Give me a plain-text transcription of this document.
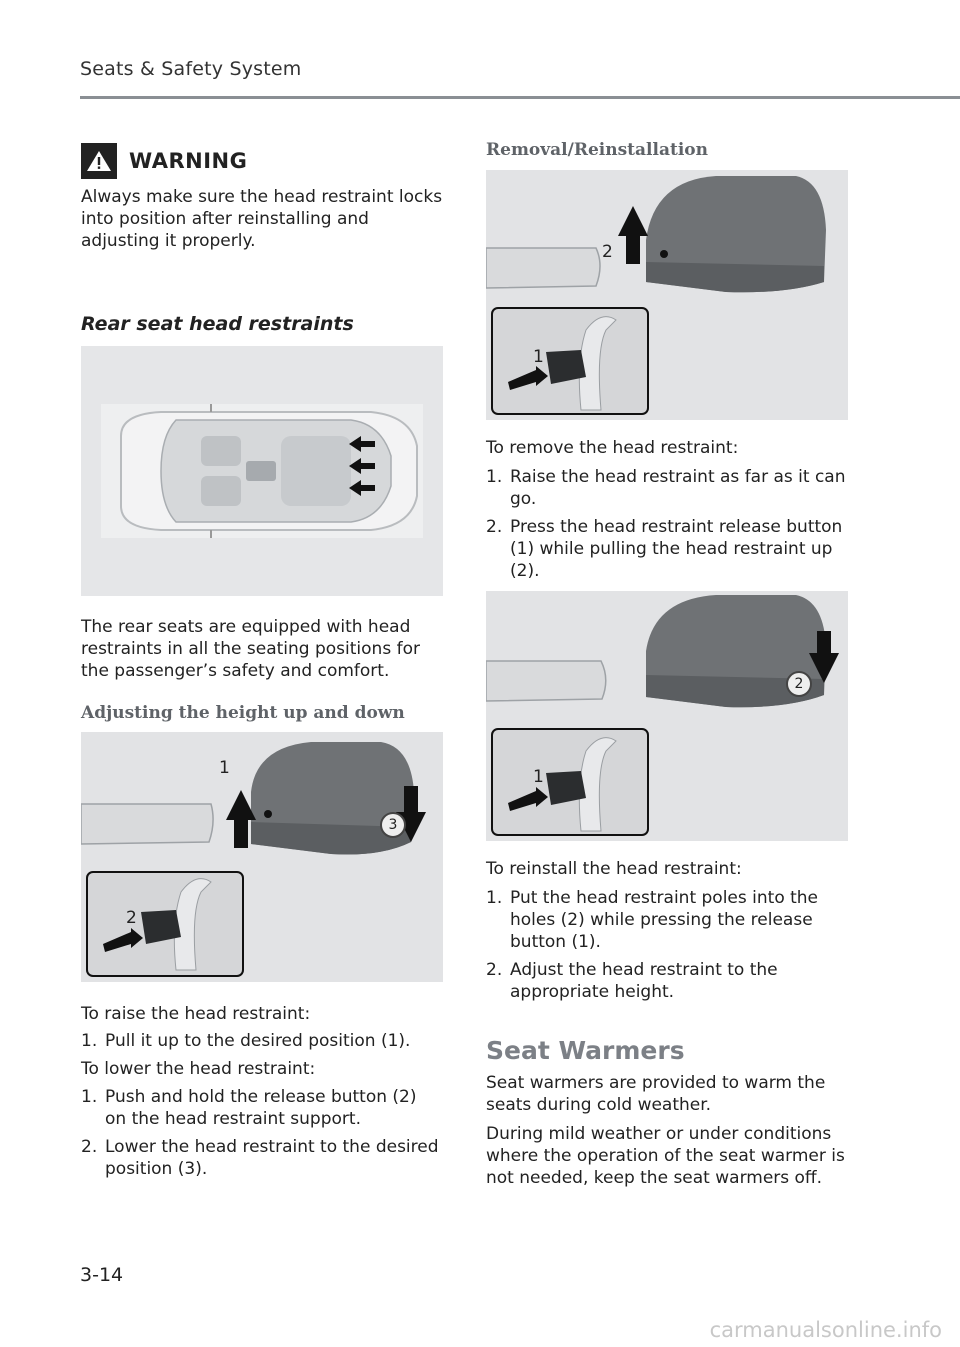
Seats & Safety System
WARNING

Always make sure the head restraint locks into position after reinstalling and adjusting it properly.

Rear seat head restraints

The rear seats are equipped with head restraints in all the seating positions for the passenger’s safety and comfort.

Adjusting the height up and down
1
2
3

To raise the head restraint:

1. Pull it up to the desired position (1).

To lower the head restraint:

1. Push and hold the release button (2) on the head restraint support.
2. Lower the head restraint to the desired position (3).
Removal/Reinstallation
2
1

To remove the head restraint:

1. Raise the head restraint as far as it can go.
2. Press the head restraint release button (1) while pulling the head restraint up (2).
2
1

To reinstall the head restraint:

1. Put the head restraint poles into the holes (2) while pressing the release button (1).
2. Adjust the head restraint to the appropriate height.
Seat Warmers

Seat warmers are provided to warm the seats during cold weather.

During mild weather or under conditions where the operation of the seat warmer is not needed, keep the seat warmers off.

3-14
carmanualsonline.info
